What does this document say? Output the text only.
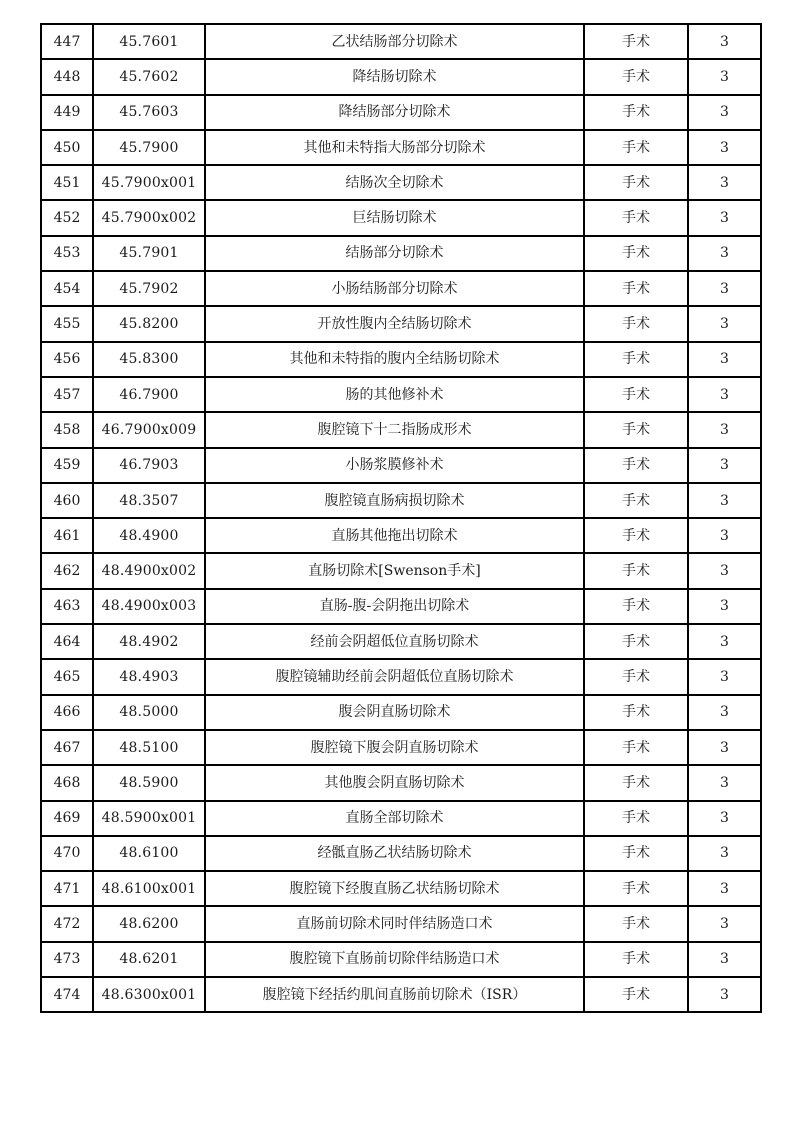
447	45.7601	乙状结肠部分切除术	手术	3
448	45.7602	降结肠切除术	手术	3
449	45.7603	降结肠部分切除术	手术	3
450	45.7900	其他和未特指大肠部分切除术	手术	3
451	45.7900x001	结肠次全切除术	手术	3
452	45.7900x002	巨结肠切除术	手术	3
453	45.7901	结肠部分切除术	手术	3
454	45.7902	小肠结肠部分切除术	手术	3
455	45.8200	开放性腹内全结肠切除术	手术	3
456	45.8300	其他和未特指的腹内全结肠切除术	手术	3
457	46.7900	肠的其他修补术	手术	3
458	46.7900x009	腹腔镜下十二指肠成形术	手术	3
459	46.7903	小肠浆膜修补术	手术	3
460	48.3507	腹腔镜直肠病损切除术	手术	3
461	48.4900	直肠其他拖出切除术	手术	3
462	48.4900x002	直肠切除术[Swenson手术]	手术	3
463	48.4900x003	直肠-腹-会阴拖出切除术	手术	3
464	48.4902	经前会阴超低位直肠切除术	手术	3
465	48.4903	腹腔镜辅助经前会阴超低位直肠切除术	手术	3
466	48.5000	腹会阴直肠切除术	手术	3
467	48.5100	腹腔镜下腹会阴直肠切除术	手术	3
468	48.5900	其他腹会阴直肠切除术	手术	3
469	48.5900x001	直肠全部切除术	手术	3
470	48.6100	经骶直肠乙状结肠切除术	手术	3
471	48.6100x001	腹腔镜下经腹直肠乙状结肠切除术	手术	3
472	48.6200	直肠前切除术同时伴结肠造口术	手术	3
473	48.6201	腹腔镜下直肠前切除伴结肠造口术	手术	3
474	48.6300x001	腹腔镜下经括约肌间直肠前切除术（ISR）	手术	3
